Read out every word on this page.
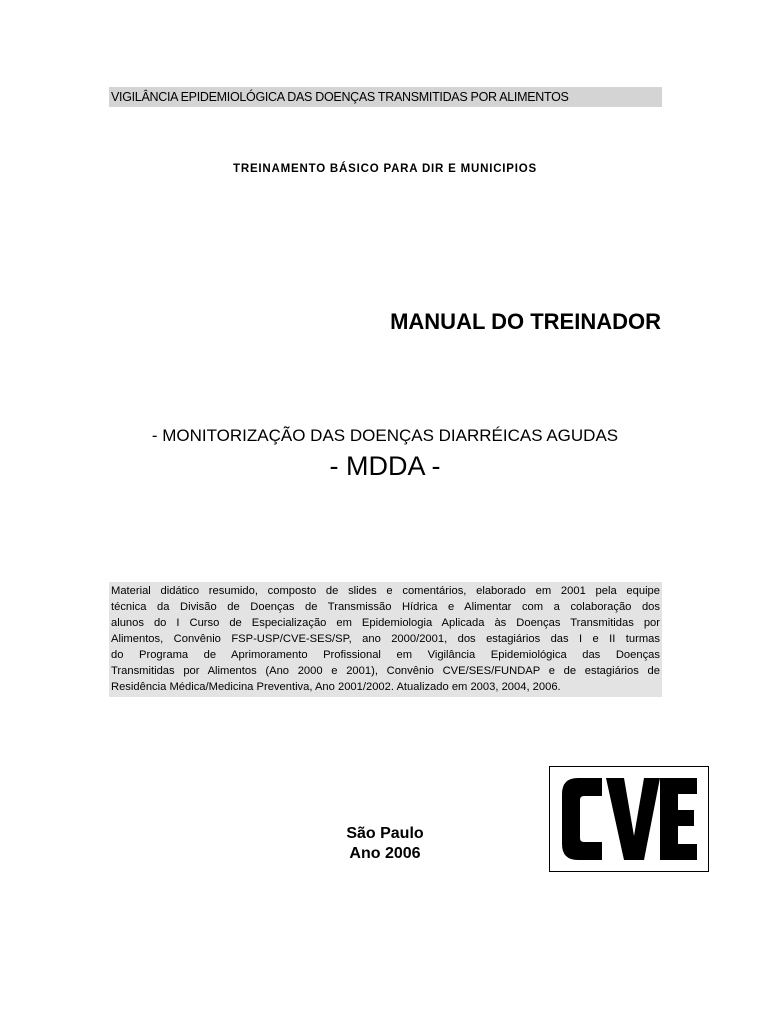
VIGILÂNCIA EPIDEMIOLÓGICA DAS DOENÇAS TRANSMITIDAS POR ALIMENTOS
TREINAMENTO BÁSICO PARA DIR E MUNICIPIOS
MANUAL DO TREINADOR
- MONITORIZAÇÃO DAS DOENÇAS DIARRÉICAS AGUDAS
- MDDA -
Material didático resumido, composto de slides e comentários, elaborado em 2001 pela equipe
técnica da Divisão de Doenças de Transmissão Hídrica e Alimentar com a colaboração dos
alunos do I Curso de Especialização em Epidemiologia Aplicada às Doenças Transmitidas por
Alimentos, Convênio FSP-USP/CVE-SES/SP, ano 2000/2001, dos estagiários das I e II turmas
do Programa de Aprimoramento Profissional em Vigilância Epidemiológica das Doenças
Transmitidas por Alimentos (Ano 2000 e 2001), Convênio CVE/SES/FUNDAP e de estagiários de
Residência Médica/Medicina Preventiva, Ano 2001/2002. Atualizado em 2003, 2004, 2006.
São Paulo
Ano 2006
